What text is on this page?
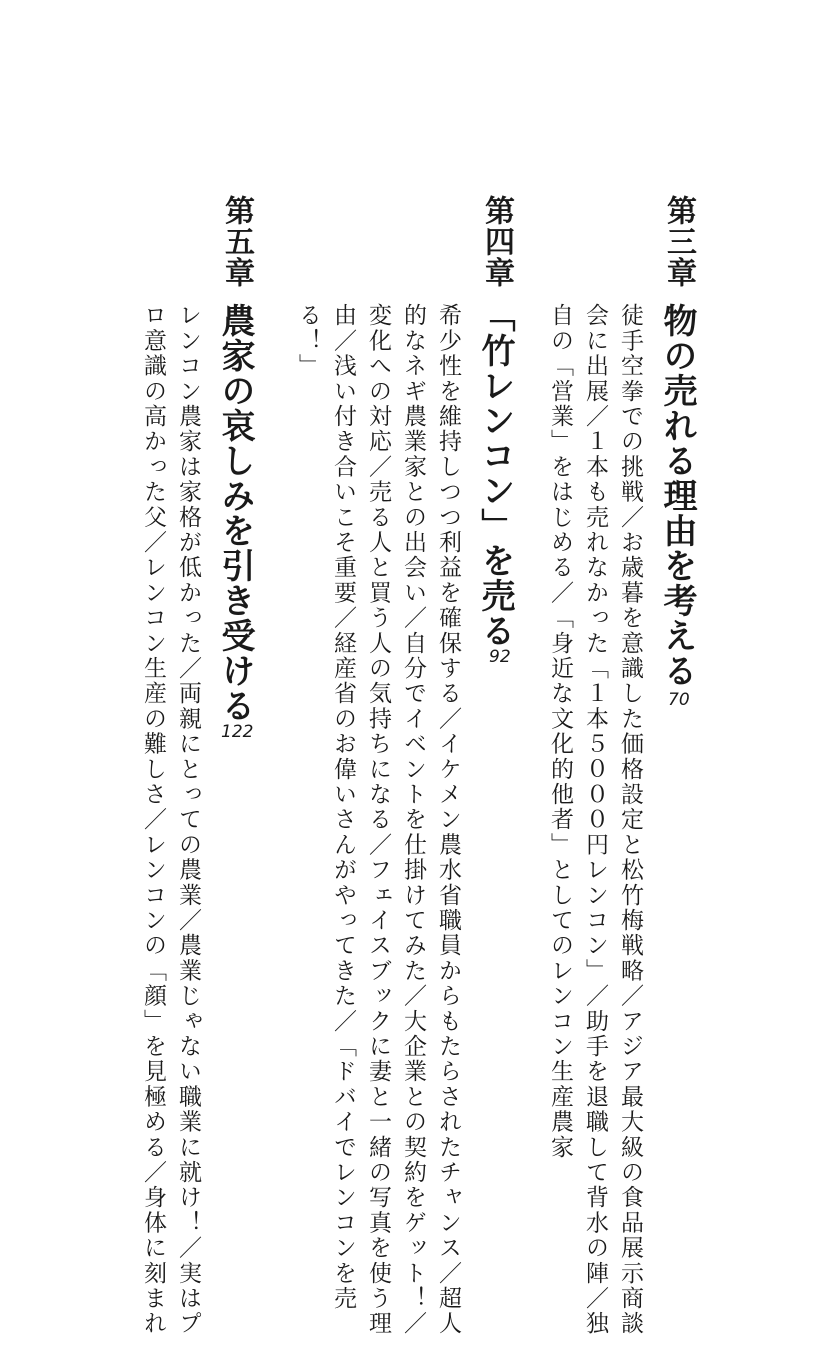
第三章
物の売れる理由を考える
70
徒手空拳での挑戦／お歳暮を意識した価格設定と松竹梅戦略／アジア最大級の食品展示商談
会に出展／１本も売れなかった「１本５０００円レンコン」／助手を退職して背水の陣／独
自の「営業」をはじめる／「身近な文化的他者」としてのレンコン生産農家
第四章
「竹レンコン」を売る
92
希少性を維持しつつ利益を確保する／イケメン農水省職員からもたらされたチャンス／超人
的なネギ農業家との出会い／自分でイベントを仕掛けてみた／大企業との契約をゲット！／
変化への対応／売る人と買う人の気持ちになる／フェイスブックに妻と一緒の写真を使う理
由／浅い付き合いこそ重要／経産省のお偉いさんがやってきた／「ドバイでレンコンを売
る！」
第五章
農家の哀しみを引き受ける
122
レンコン農家は家格が低かった／両親にとっての農業／農業じゃない職業に就け！／実はプ
ロ意識の高かった父／レンコン生産の難しさ／レンコンの「顔」を見極める／身体に刻まれ
